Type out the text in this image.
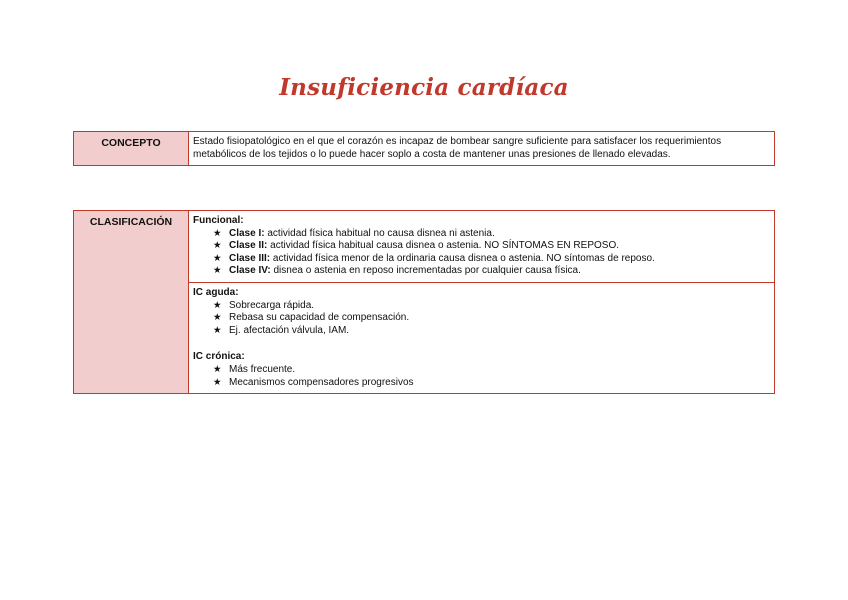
Insuficiencia cardíaca
CONCEPTO	Estado fisiopatológico en el que el corazón es incapaz de bombear sangre suficiente para satisfacer los requerimientos metabólicos de los tejidos o lo puede hacer soplo a costa de mantener unas presiones de llenado elevadas.
CLASIFICACIÓN	Funcional:
★ Clase I: actividad física habitual no causa disnea ni astenia.
★ Clase II: actividad física habitual causa disnea o astenia. NO SÍNTOMAS EN REPOSO.
★ Clase III: actividad física menor de la ordinaria causa disnea o astenia. NO síntomas de reposo.
★ Clase IV: disnea o astenia en reposo incrementadas por cualquier causa física.

IC aguda:
★ Sobrecarga rápida.
★ Rebasa su capacidad de compensación.
★ Ej. afectación válvula, IAM.
IC crónica:
★ Más frecuente.
★ Mecanismos compensadores progresivos
